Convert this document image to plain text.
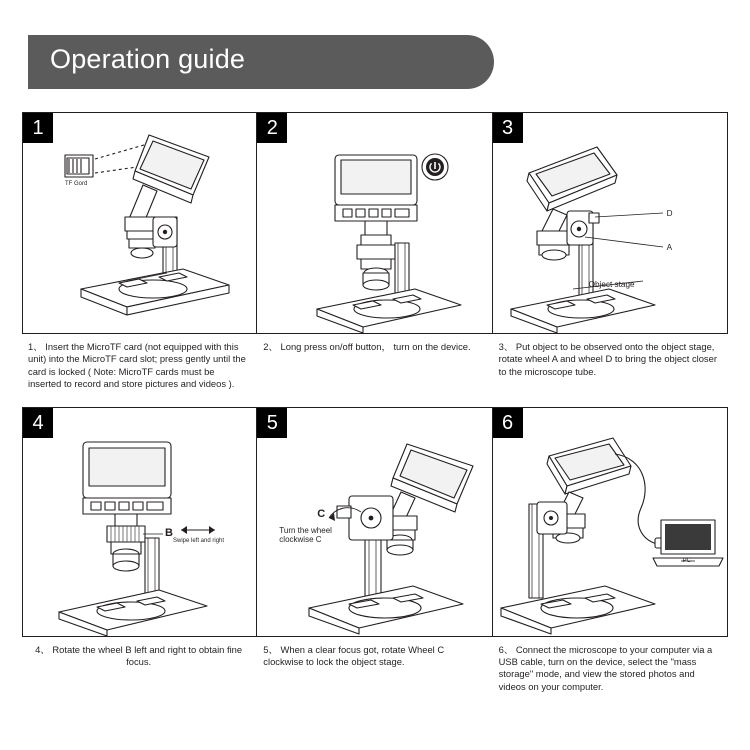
Operation guide
1
TF Gord
1、 Insert the MicroTF card (not equipped with this unit) into the MicroTF card slot; press gently until the card is locked ( Note: MicroTF cards must be inserted to record and store pictures and videos ).
2
2、 Long press on/off button， turn on the device.
3
D
A
Object stage
3、 Put object to be observed onto the object stage, rotate wheel A and wheel D to bring the object closer to the microscope tube.
4
B
Swipe left and right
4、 Rotate the wheel B left and right to obtain fine focus.
5
C
Turn the wheel clockwise C
5、 When a clear focus got, rotate Wheel C clockwise to lock the object stage.
6
PC
6、 Connect the microscope to your computer via a USB cable, turn on the device, select the "mass storage" mode, and view the stored photos and videos on your computer.
